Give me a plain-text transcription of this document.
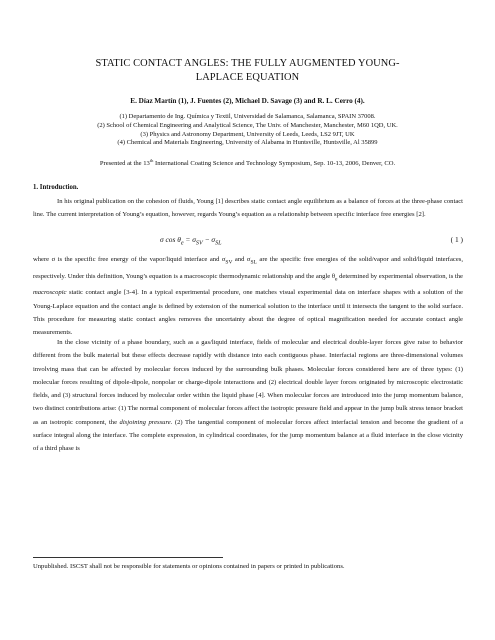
STATIC CONTACT ANGLES: THE FULLY AUGMENTED YOUNG-
LAPLACE EQUATION
E. Díaz Martín (1), J. Fuentes (2), Michael D. Savage (3) and R. L. Cerro (4).
(1) Departamento de Ing. Química y Textil, Universidad de Salamanca, Salamanca, SPAIN 37008.
(2) School of Chemical Engineering and Analytical Science, The Univ. of Manchester, Manchester, M60 1QD, UK.
(3) Physics and Astronomy Department, University of Leeds, Leeds, LS2 9JT, UK
(4) Chemical and Materials Engineering, University of Alabama in Huntsville, Huntsville, Al 35899
Presented at the 13th International Coating Science and Technology Symposium, Sep. 10-13, 2006, Denver, CO.
1. Introduction.

In his original publication on the cohesion of fluids, Young [1] describes static contact angle equilibrium as a balance of forces at the three-phase contact line. The current interpretation of Young’s equation, however, regards Young’s equation as a relationship between specific interface free energies [2].

σ $\cos \theta_e = \sigma_{SV} - \sigma_{SL}$	( 1 )
where σ is the specific free energy of the vapor/liquid interface and $\sigma_{SV}$ and $\sigma_{SL}$ are the specific free energies of the solid/vapor and solid/liquid interfaces, respectively. Under this definition, Young’s equation is a macroscopic thermodynamic relationship and the angle $\theta_e$ determined by experimental observation, is the macroscopic static contact angle [3-4]. In a typical experimental procedure, one matches visual experimental data on interface shapes with a solution of the Young-Laplace equation and the contact angle is defined by extension of the numerical solution to the interface until it intersects the tangent to the solid surface. This procedure for measuring static contact angles removes the uncertainty about the degree of optical magnification needed for accurate contact angle measurements.

In the close vicinity of a phase boundary, such as a gas/liquid interface, fields of molecular and electrical double-layer forces give raise to behavior different from the bulk material but these effects decrease rapidly with distance into each contiguous phase. Interfacial regions are three-dimensional volumes involving mass that can be affected by molecular forces induced by the surrounding bulk phases. Molecular forces considered here are of three types: (1) molecular forces resulting of dipole-dipole, nonpolar or charge-dipole interactions and (2) electrical double layer forces originated by microscopic electrostatic fields, and (3) structural forces induced by molecular order within the liquid phase [4]. When molecular forces are introduced into the jump momentum balance, two distinct contributions arise: (1) The normal component of molecular forces affect the isotropic pressure field and appear in the jump bulk stress tensor bracket as an isotropic component, the disjoining pressure. (2) The tangential component of molecular forces affect interfacial tension and become the gradient of a surface integral along the interface. The complete expression, in cylindrical coordinates, for the jump momentum balance at a fluid interface in the close vicinity of a third phase is

Unpublished. ISCST shall not be responsible for statements or opinions contained in papers or printed in publications.
